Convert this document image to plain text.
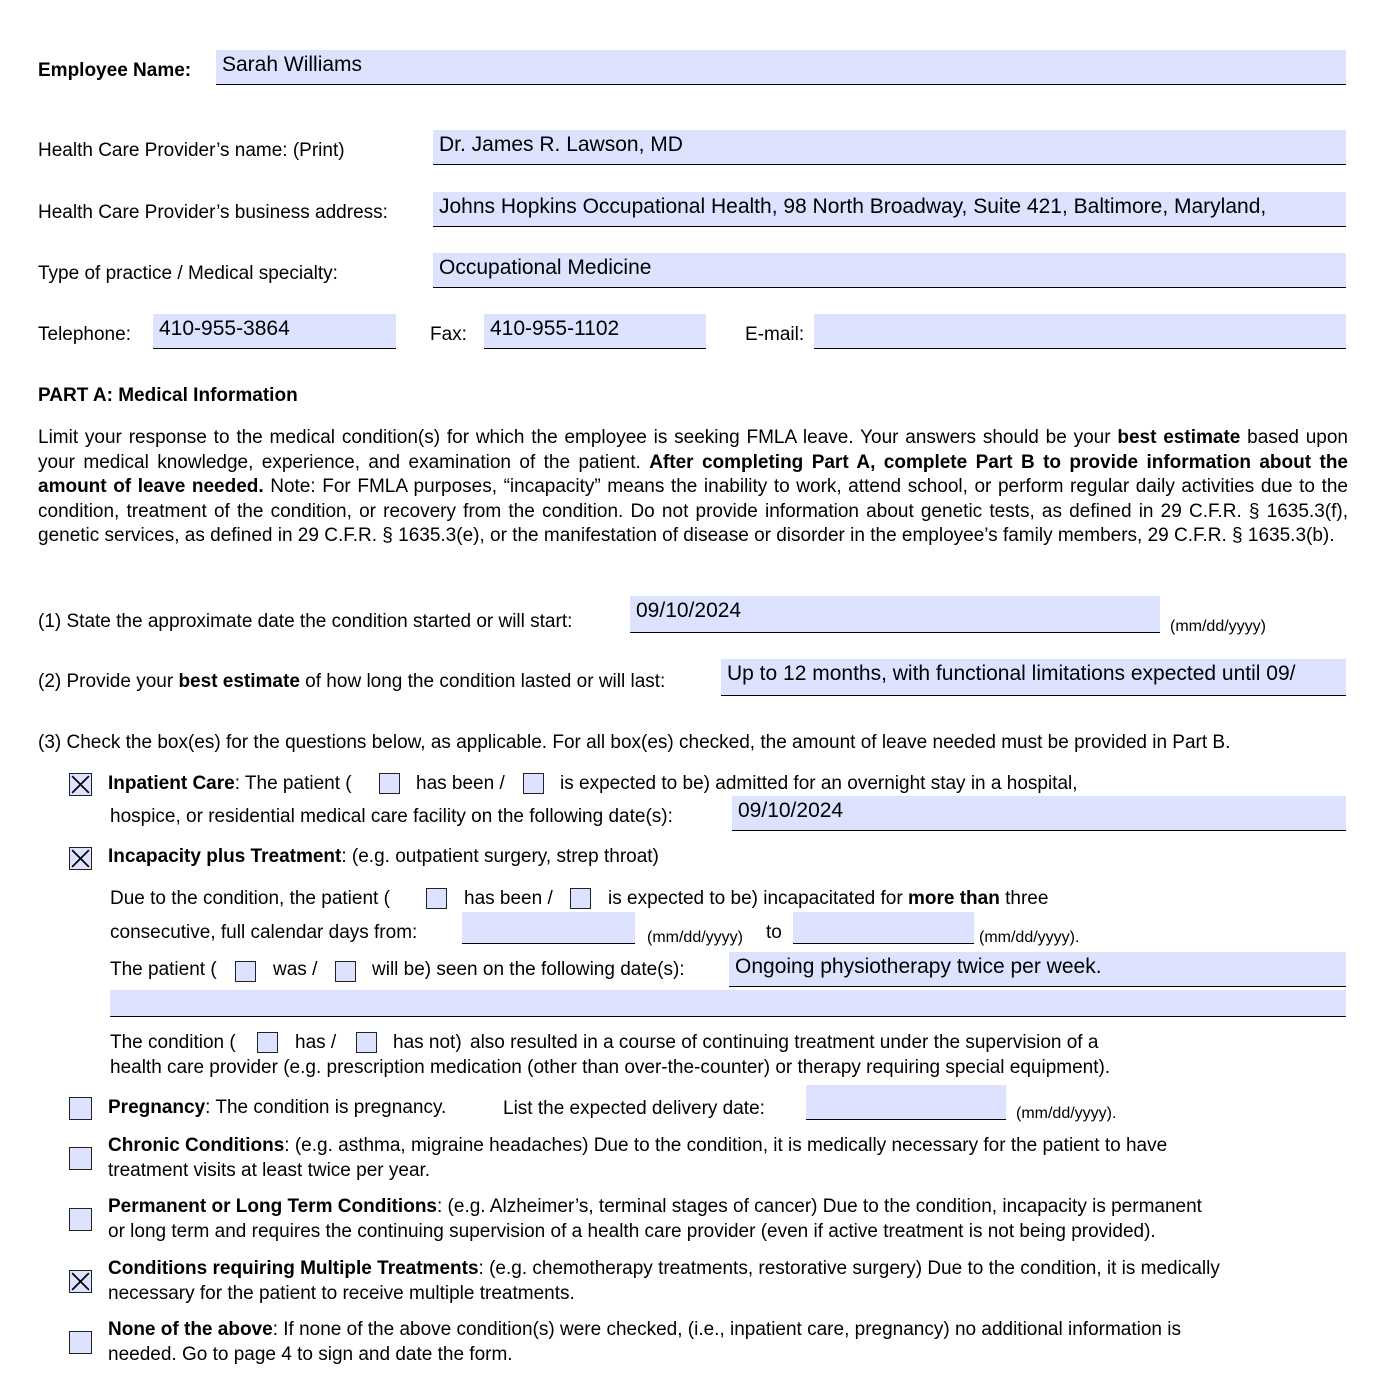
Employee Name: Sarah Williams
Health Care Provider’s name: (Print)	Dr. James R. Lawson, MD
Health Care Provider’s business address: Johns Hopkins Occupational Health, 98 North Broadway, Suite 421, Baltimore, Maryland,
Type of practice / Medical specialty:	Occupational Medicine
Telephone: 410-955-3864	Fax: 410-955-1102	E-mail:
PART A: Medical Information
Limit your response to the medical condition(s) for which the employee is seeking FMLA leave. Your answers should be your best estimate based upon your medical knowledge, experience, and examination of the patient. After completing Part A, complete Part B to provide information about the amount of leave needed. Note: For FMLA purposes, “incapacity” means the inability to work, attend school, or perform regular daily activities due to the condition, treatment of the condition, or recovery from the condition. Do not provide information about genetic tests, as defined in 29 C.F.R. § 1635.3(f), genetic services, as defined in 29 C.F.R. § 1635.3(e), or the manifestation of disease or disorder in the employee’s family members, 29 C.F.R. § 1635.3(b).
(1) State the approximate date the condition started or will start:	09/10/2024
(mm/dd/yyyy)
(2) Provide your best estimate of how long the condition lasted or will last:	Up to 12 months, with functional limitations expected until 09/
(3) Check the box(es) for the questions below, as applicable. For all box(es) checked, the amount of leave needed must be provided in Part B.
Inpatient Care: The patient (	has been /	is expected to be) admitted for an overnight stay in a hospital,
hospice, or residential medical care facility on the following date(s):	09/10/2024
Incapacity plus Treatment: (e.g. outpatient surgery, strep throat)
Due to the condition, the patient (	has been /	is expected to be) incapacitated for more than three
consecutive, full calendar days from:	(mm/dd/yyyy) to	(mm/dd/yyyy).
The patient (	was /	will be) seen on the following date(s): Ongoing physiotherapy twice per week.
The condition (	has /	has not) also resulted in a course of continuing treatment under the supervision of a
health care provider (e.g. prescription medication (other than over-the-counter) or therapy requiring special equipment).
Pregnancy: The condition is pregnancy.	List the expected delivery date:	(mm/dd/yyyy).
Chronic Conditions: (e.g. asthma, migraine headaches) Due to the condition, it is medically necessary for the patient to have
treatment visits at least twice per year.
Permanent or Long Term Conditions: (e.g. Alzheimer’s, terminal stages of cancer) Due to the condition, incapacity is permanent
or long term and requires the continuing supervision of a health care provider (even if active treatment is not being provided).
Conditions requiring Multiple Treatments: (e.g. chemotherapy treatments, restorative surgery) Due to the condition, it is medically
necessary for the patient to receive multiple treatments.
None of the above: If none of the above condition(s) were checked, (i.e., inpatient care, pregnancy) no additional information is
needed. Go to page 4 to sign and date the form.
